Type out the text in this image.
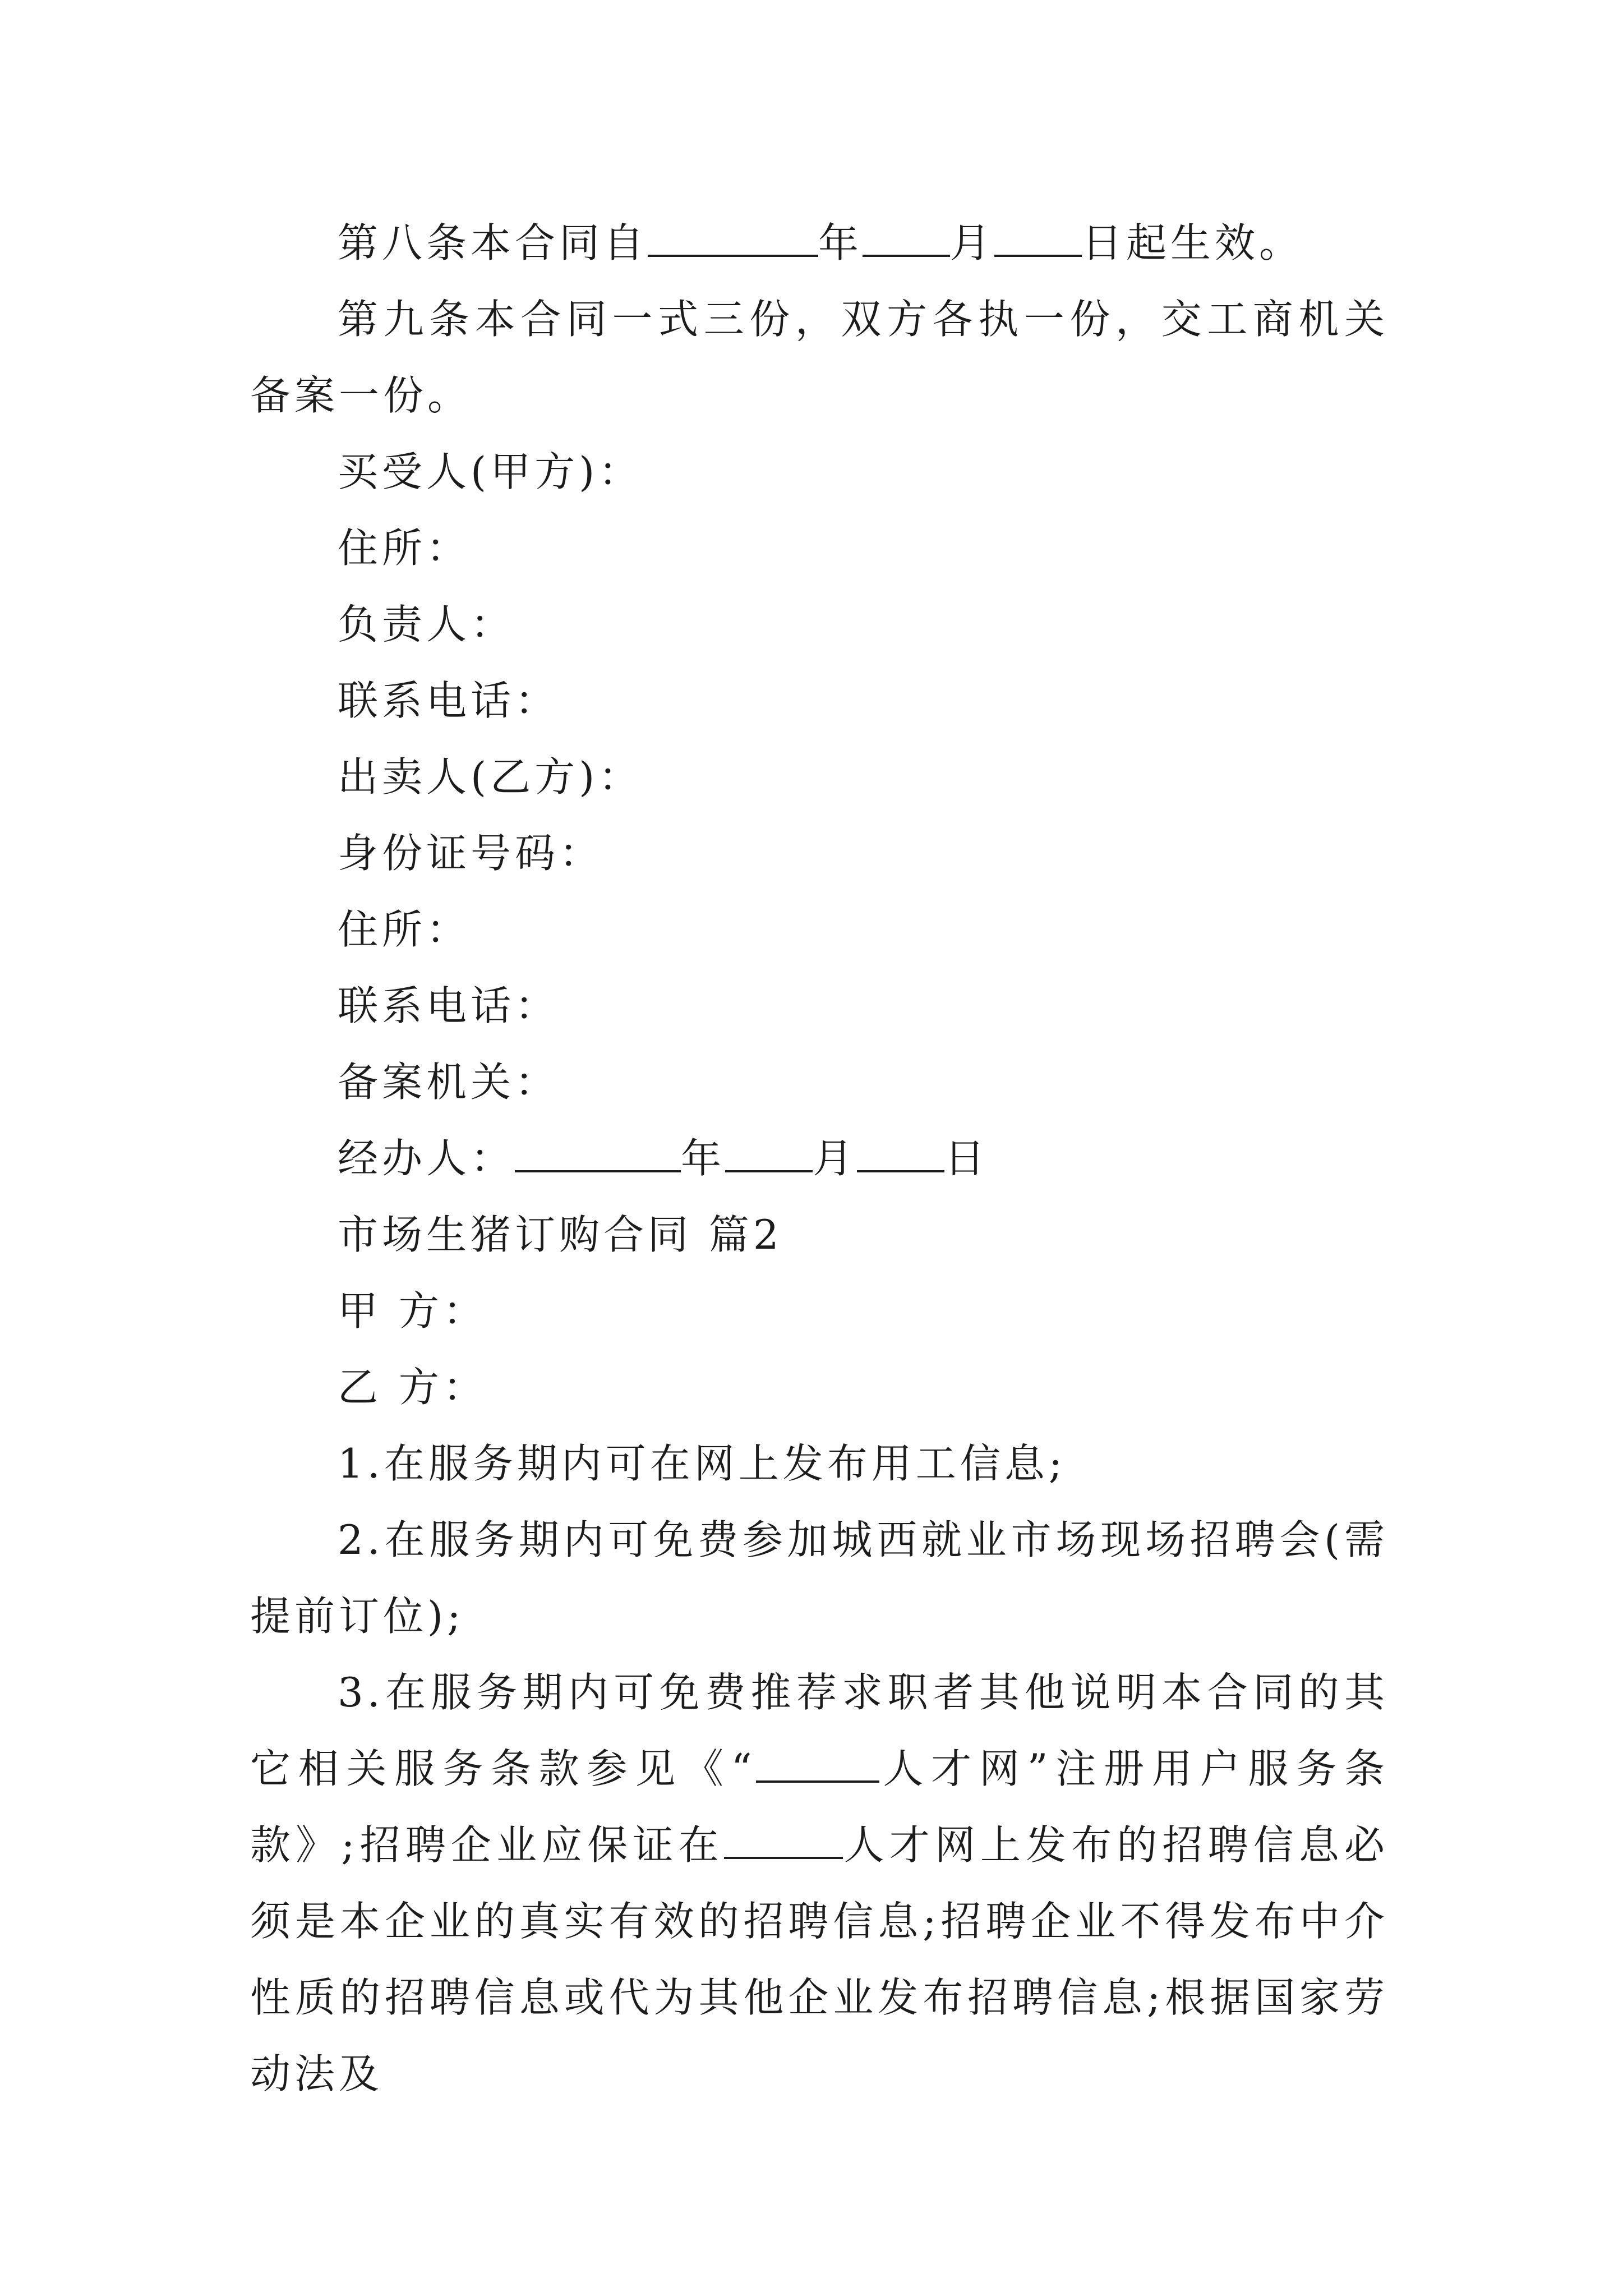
第八条本合同自	年 月 日起生效。

第九条本合同一式三份，双方各执一份，交工商机关备案一份。

买受人(甲方)：

住所：

负责人：

联系电话：

出卖人(乙方)：

身份证号码：

住所：

联系电话：

备案机关：

经办人：	年 月 日

市场生猪订购合同 篇2

甲 方：

乙 方：

1.在服务期内可在网上发布用工信息;

2.在服务期内可免费参加城西就业市场现场招聘会(需提前订位);

3.在服务期内可免费推荐求职者其他说明本合同的其它相关服务条款参见《“	人才网”注册用户服务条款》;招聘企业应保证在	人才网上发布的招聘信息必须是本企业的真实有效的招聘信息;招聘企业不得发布中介性质的招聘信息或代为其他企业发布招聘信息;根据国家劳动法及
